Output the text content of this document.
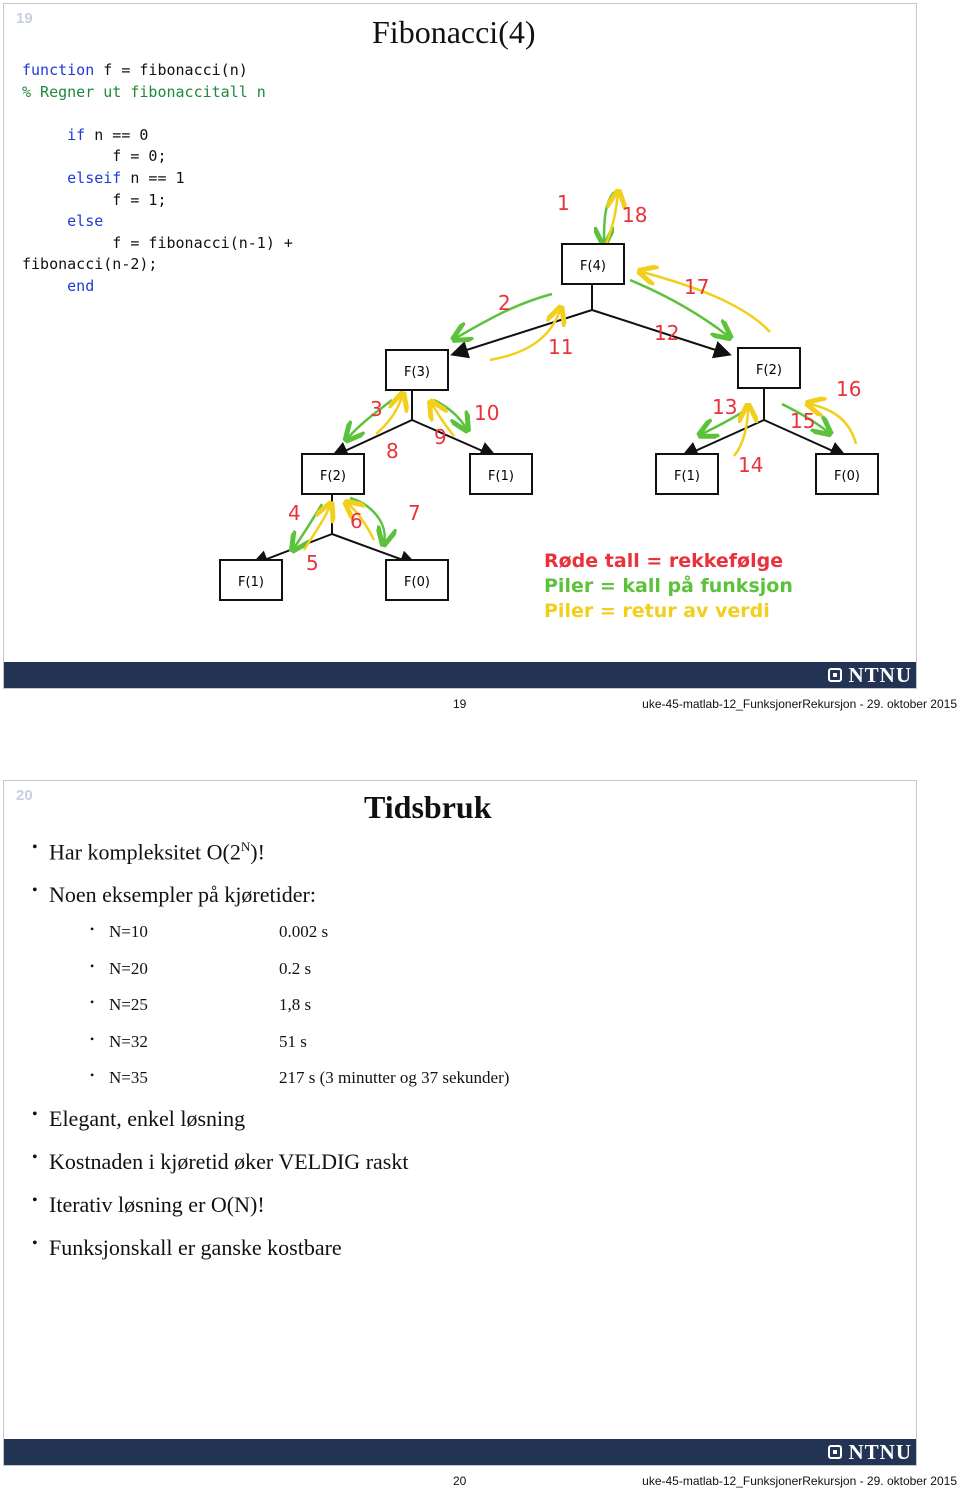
19	Fibonacci(4)
function f = fibonacci(n)
% Regner ut fibonaccitall n
if n == 0
f = 0;
elseif n == 1
f = 1;
else
f = fibonacci(n-1) +
fibonacci(n-2);
end
F(4)
F(3)
F(2)
F(2)
F(1)	F(1)	F(0)
F(1)	F(0)
1
2
3
4
5
6 7
8
9
10
11
12
13
14
15
16
17
18
Røde tall = rekkefølge
Piler = kall på funksjon
Piler = retur av verdi
NTNU
19	uke-45-matlab-12_FunksjonerRekursjon - 29. oktober 2015
20	Tidsbruk
• Har kompleksitet $O(2^N)$!
• Noen eksempler på kjøretider:
• N=10	0.002 s
• N=20	0.2 s
• N=25	1,8 s
• N=32	51 s
• N=35	217 s (3 minutter og 37 sekunder)
• Elegant, enkel løsning
• Kostnaden i kjøretid øker VELDIG raskt
• Iterativ løsning er O(N)!
• Funksjonskall er ganske kostbare
NTNU
20	uke-45-matlab-12_FunksjonerRekursjon - 29. oktober 2015
